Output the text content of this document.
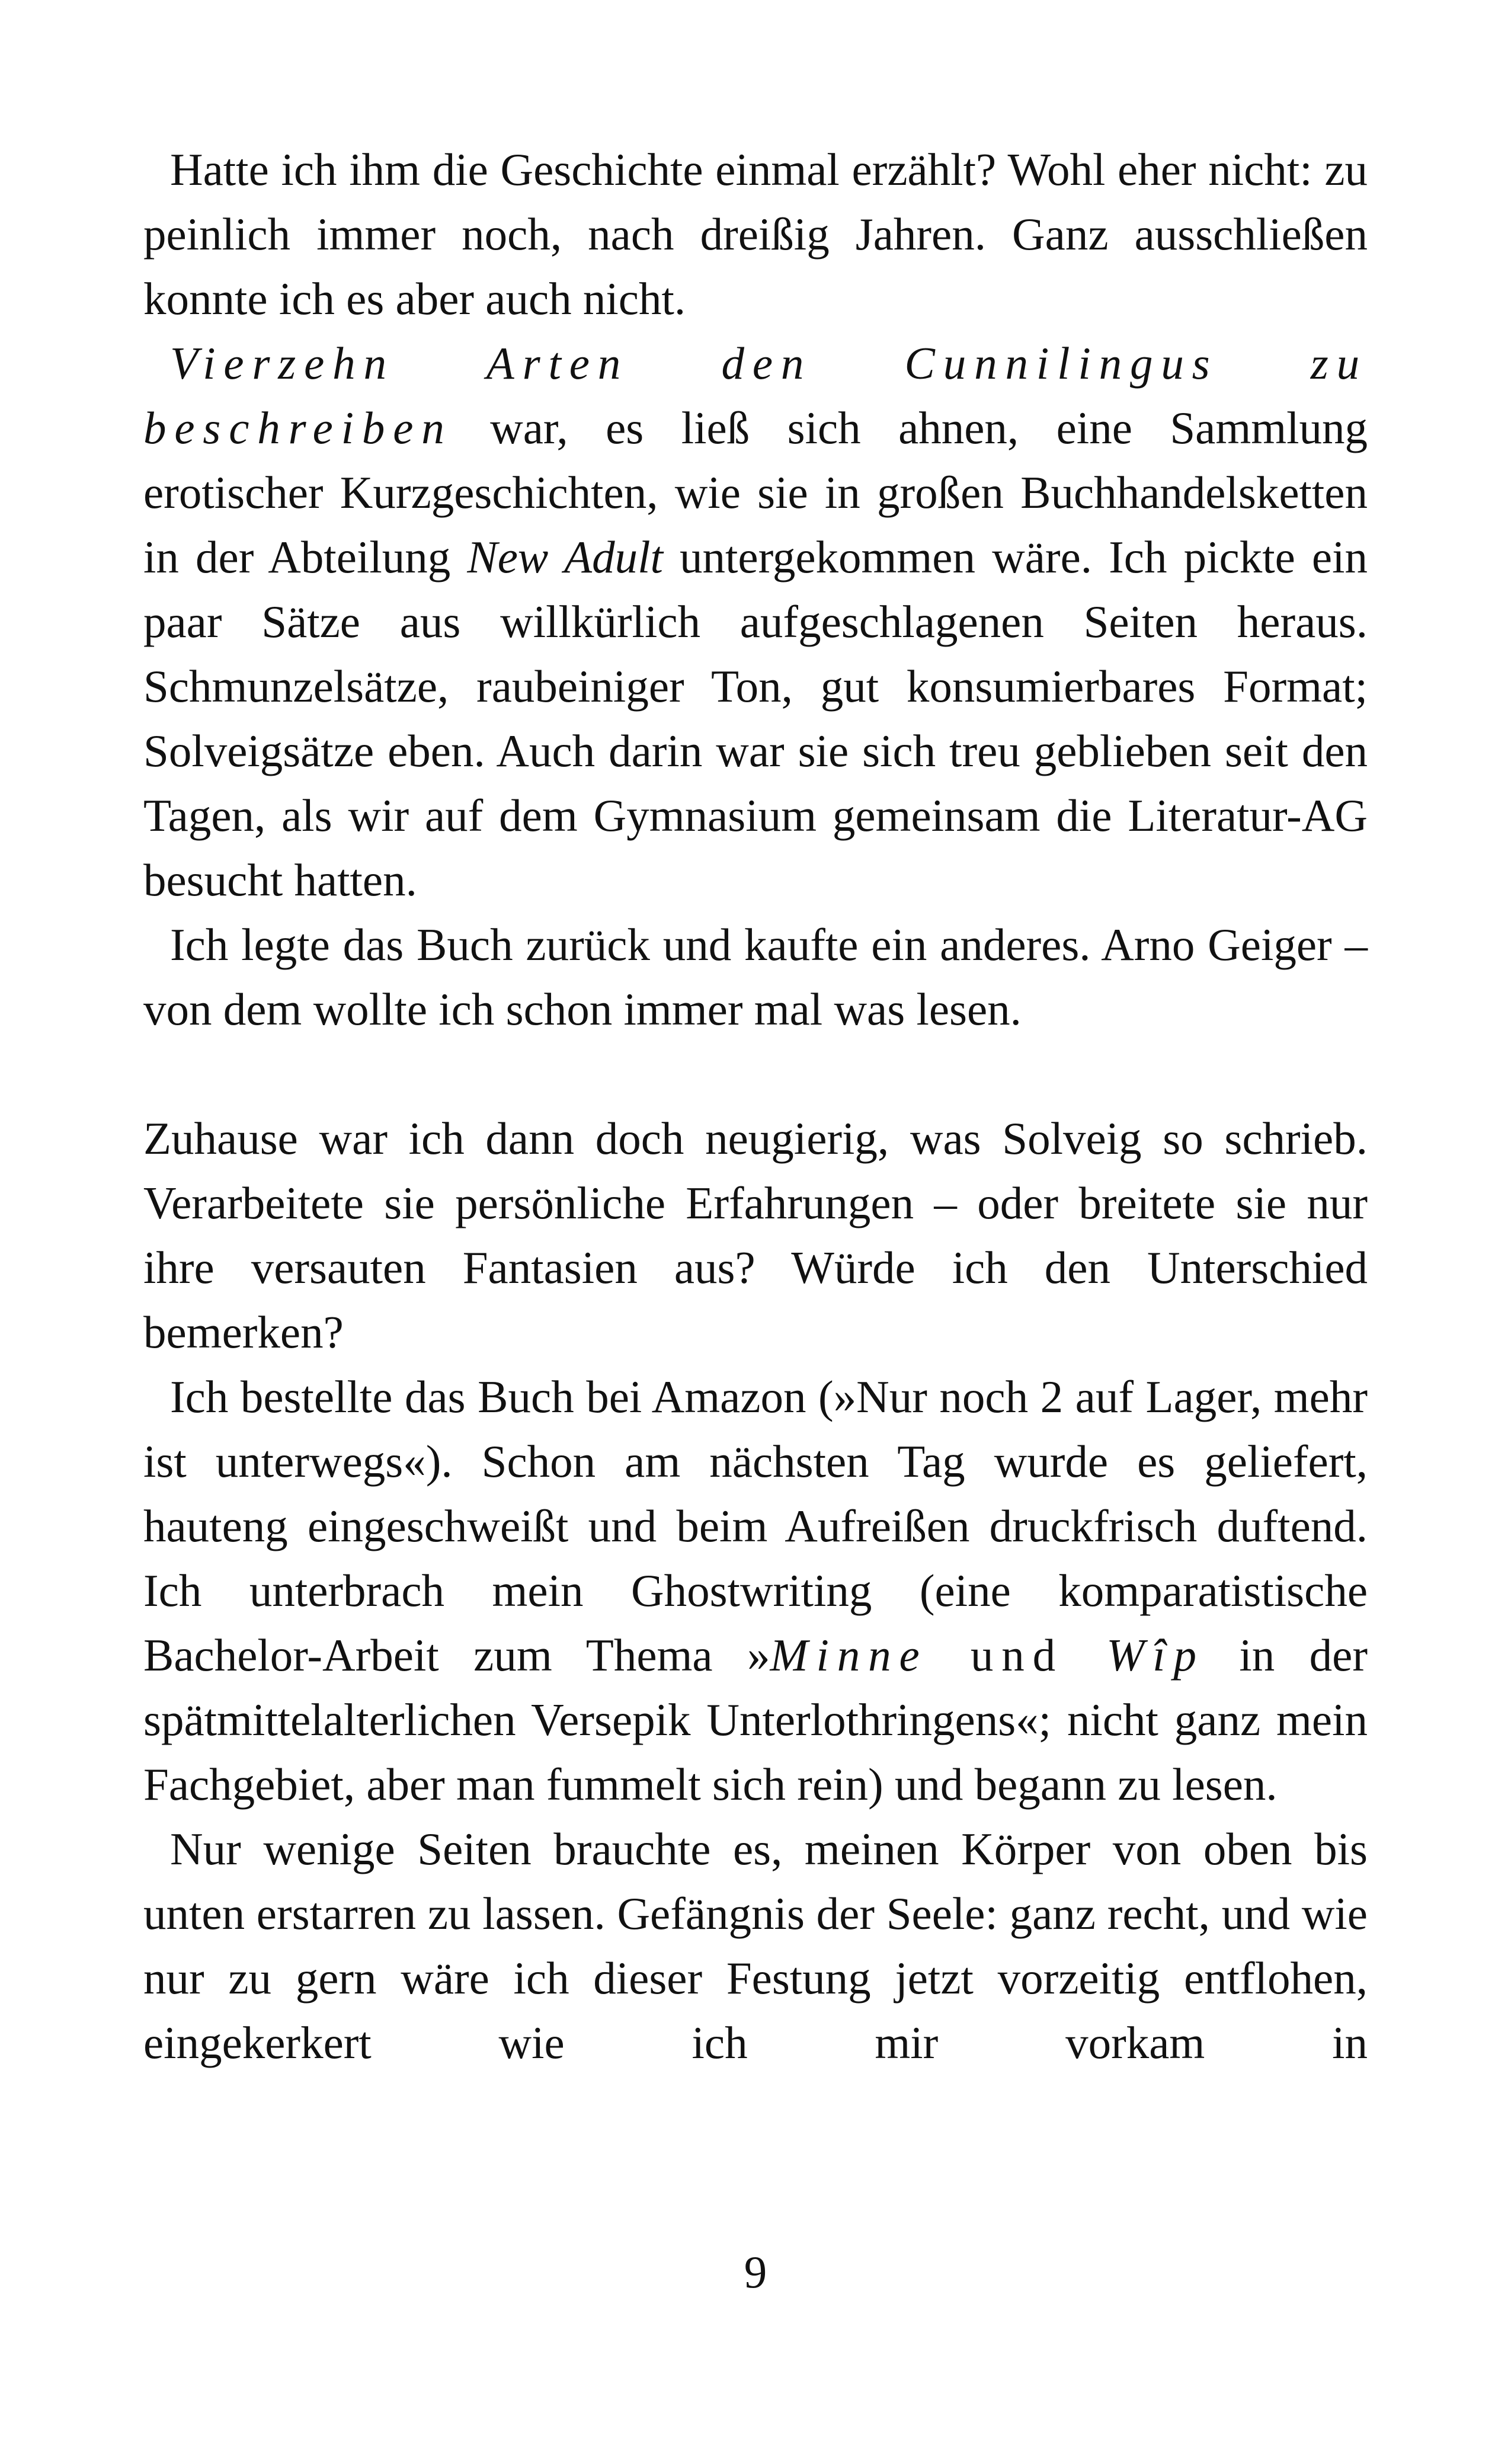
Hatte ich ihm die Geschichte einmal erzählt? Wohl eher nicht: zu peinlich immer noch, nach dreißig Jahren. Ganz ausschließen konnte ich es aber auch nicht.

Vierzehn Arten den Cunnilingus zu beschreiben war, es ließ sich ahnen, eine Sammlung erotischer Kurzgeschichten, wie sie in großen Buchhandelsketten in der Abteilung New Adult untergekommen wäre. Ich pickte ein paar Sätze aus willkürlich aufgeschlagenen Seiten heraus. Schmunzelsätze, raubeiniger Ton, gut konsumierbares Format; Solveigsätze eben. Auch darin war sie sich treu geblieben seit den Tagen, als wir auf dem Gymnasium gemeinsam die Literatur-AG besucht hatten.

Ich legte das Buch zurück und kaufte ein anderes. Arno Geiger – von dem wollte ich schon immer mal was lesen.

Zuhause war ich dann doch neugierig, was Solveig so schrieb. Verarbeitete sie persönliche Erfahrungen – oder breitete sie nur ihre versauten Fantasien aus? Würde ich den Unterschied bemerken?

Ich bestellte das Buch bei Amazon (»Nur noch 2 auf Lager, mehr ist unterwegs«). Schon am nächsten Tag wurde es geliefert, hauteng eingeschweißt und beim Aufreißen druckfrisch duftend. Ich unterbrach mein Ghostwriting (eine komparatistische Bachelor-Arbeit zum Thema »Minne und Wîp in der spätmittelalterlichen Versepik Unterlothringens«; nicht ganz mein Fachgebiet, aber man fummelt sich rein) und begann zu lesen.

Nur wenige Seiten brauchte es, meinen Körper von oben bis unten erstarren zu lassen. Gefängnis der Seele: ganz recht, und wie nur zu gern wäre ich dieser Festung jetzt vorzeitig entflohen, eingekerkert wie ich mir vorkam in

9
